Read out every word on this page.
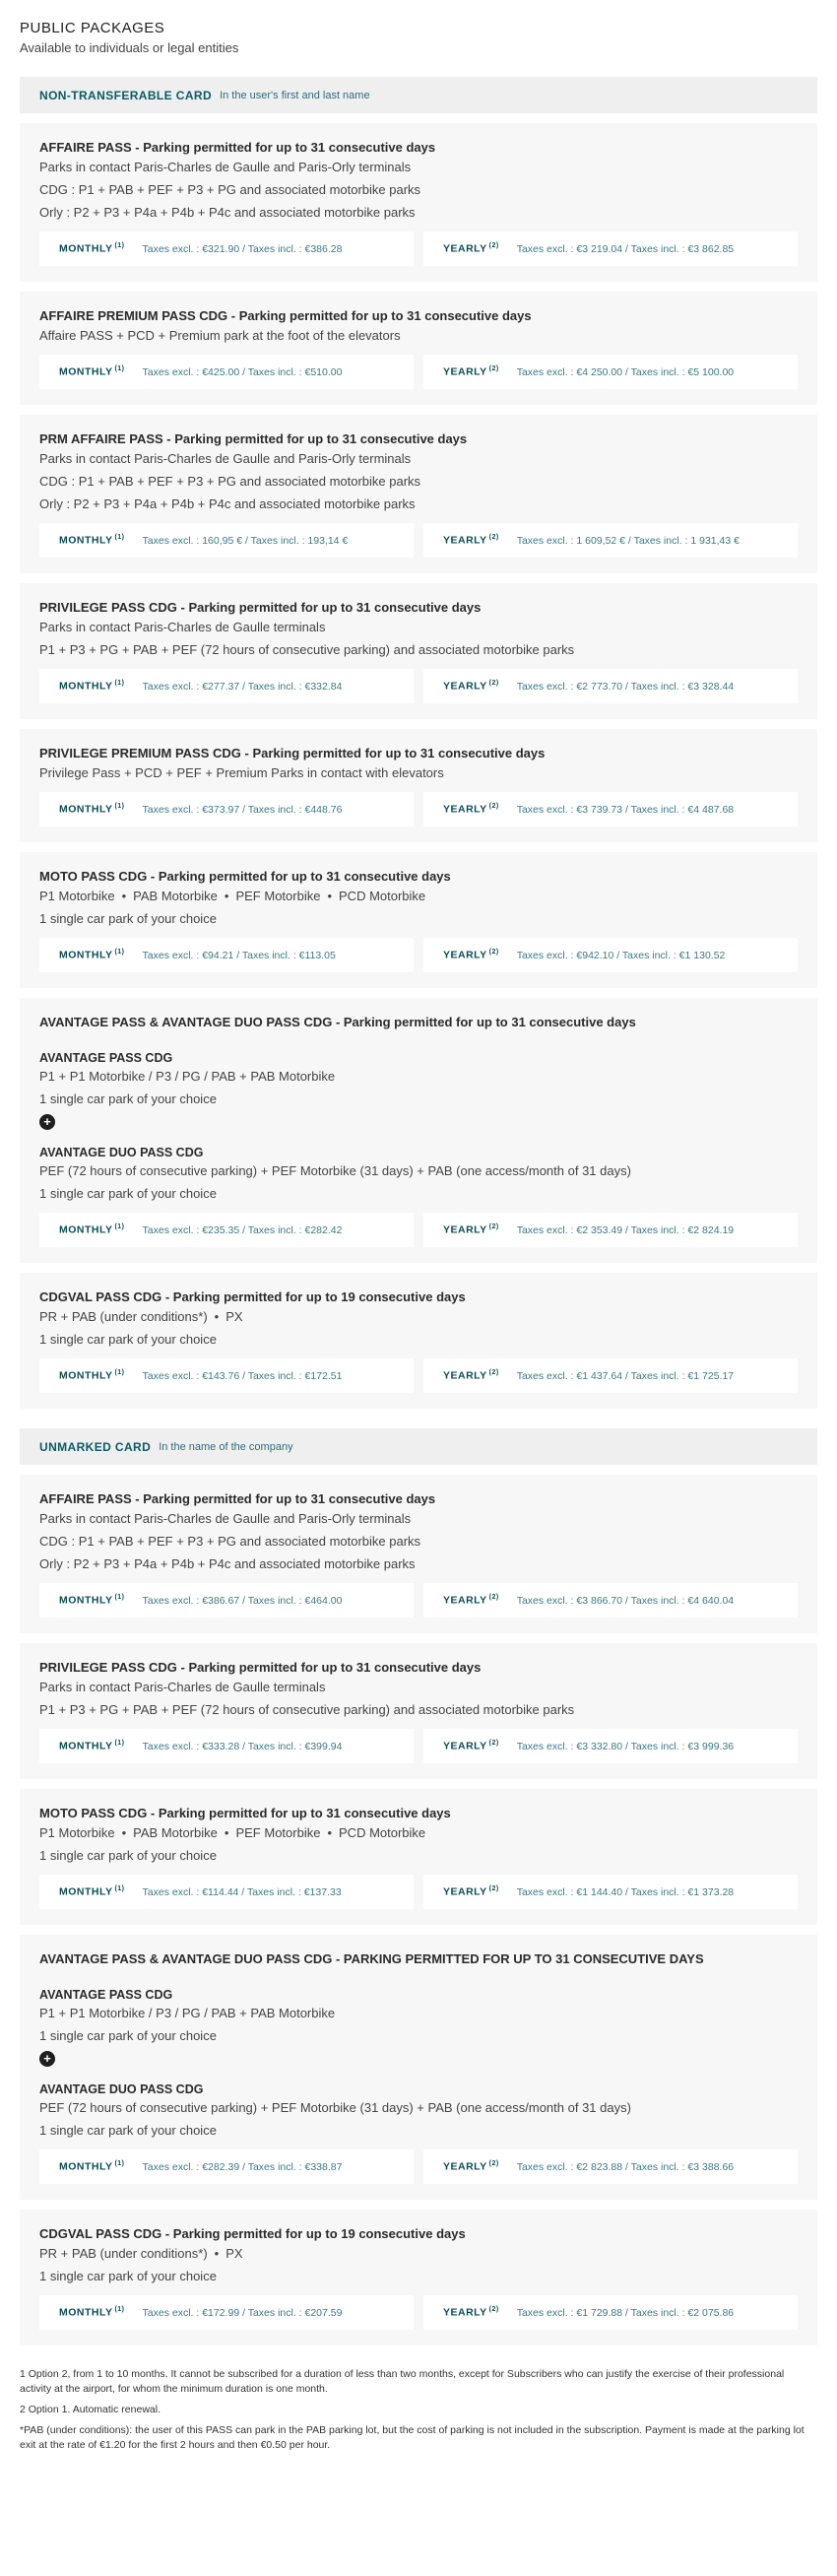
PUBLIC PACKAGES

Available to individuals or legal entities

NON-TRANSFERABLE CARD In the user's first and last name
AFFAIRE PASS - Parking permitted for up to 31 consecutive days
Parks in contact Paris-Charles de Gaulle and Paris-Orly terminals
CDG : P1 + PAB + PEF + P3 + PG and associated motorbike parks
Orly : P2 + P3 + P4a + P4b + P4c and associated motorbike parks
MONTHLY $^{(1)}$ Taxes excl. : €321.90 / Taxes incl. : €386.28	YEARLY $^{(2)}$ Taxes excl. : €3 219.04 / Taxes incl. : €3 862.85
AFFAIRE PREMIUM PASS CDG - Parking permitted for up to 31 consecutive days
Affaire PASS + PCD + Premium park at the foot of the elevators
MONTHLY $^{(1)}$ Taxes excl. : €425.00 / Taxes incl. : €510.00	YEARLY $^{(2)}$ Taxes excl. : €4 250.00 / Taxes incl. : €5 100.00
PRM AFFAIRE PASS - Parking permitted for up to 31 consecutive days
Parks in contact Paris-Charles de Gaulle and Paris-Orly terminals
CDG : P1 + PAB + PEF + P3 + PG and associated motorbike parks
Orly : P2 + P3 + P4a + P4b + P4c and associated motorbike parks
MONTHLY $^{(1)}$ Taxes excl. : 160,95 € / Taxes incl. : 193,14 €	YEARLY $^{(2)}$ Taxes excl. : 1 609,52 € / Taxes incl. : 1 931,43 €
PRIVILEGE PASS CDG - Parking permitted for up to 31 consecutive days
Parks in contact Paris-Charles de Gaulle terminals
P1 + P3 + PG + PAB + PEF (72 hours of consecutive parking) and associated motorbike parks
MONTHLY $^{(1)}$ Taxes excl. : €277.37 / Taxes incl. : €332.84	YEARLY $^{(2)}$ Taxes excl. : €2 773.70 / Taxes incl. : €3 328.44
PRIVILEGE PREMIUM PASS CDG - Parking permitted for up to 31 consecutive days
Privilege Pass + PCD + PEF + Premium Parks in contact with elevators
MONTHLY $^{(1)}$ Taxes excl. : €373.97 / Taxes incl. : €448.76	YEARLY $^{(2)}$ Taxes excl. : €3 739.73 / Taxes incl. : €4 487.68
MOTO PASS CDG - Parking permitted for up to 31 consecutive days
P1 Motorbike	• PAB Motorbike	• PEF Motorbike	• PCD Motorbike
1 single car park of your choice
MONTHLY $^{(1)}$ Taxes excl. : €94.21 / Taxes incl. : €113.05	YEARLY $^{(2)}$ Taxes excl. : €942.10 / Taxes incl. : €1 130.52
AVANTAGE PASS & AVANTAGE DUO PASS CDG - Parking permitted for up to 31 consecutive days
AVANTAGE PASS CDG
P1 + P1 Motorbike / P3 / PG / PAB + PAB Motorbike
1 single car park of your choice
+
AVANTAGE DUO PASS CDG
PEF (72 hours of consecutive parking) + PEF Motorbike (31 days) + PAB (one access/month of 31 days)
1 single car park of your choice
MONTHLY $^{(1)}$ Taxes excl. : €235.35 / Taxes incl. : €282.42	YEARLY $^{(2)}$ Taxes excl. : €2 353.49 / Taxes incl. : €2 824.19
CDGVAL PASS CDG - Parking permitted for up to 19 consecutive days
PR + PAB (under conditions*)	• PX
1 single car park of your choice
MONTHLY $^{(1)}$ Taxes excl. : €143.76 / Taxes incl. : €172.51	YEARLY $^{(2)}$ Taxes excl. : €1 437.64 / Taxes incl. : €1 725.17
UNMARKED CARD In the name of the company
AFFAIRE PASS - Parking permitted for up to 31 consecutive days
Parks in contact Paris-Charles de Gaulle and Paris-Orly terminals
CDG : P1 + PAB + PEF + P3 + PG and associated motorbike parks
Orly : P2 + P3 + P4a + P4b + P4c and associated motorbike parks
MONTHLY $^{(1)}$ Taxes excl. : €386.67 / Taxes incl. : €464.00	YEARLY $^{(2)}$ Taxes excl. : €3 866.70 / Taxes incl. : €4 640.04
PRIVILEGE PASS CDG - Parking permitted for up to 31 consecutive days
Parks in contact Paris-Charles de Gaulle terminals
P1 + P3 + PG + PAB + PEF (72 hours of consecutive parking) and associated motorbike parks
MONTHLY $^{(1)}$ Taxes excl. : €333.28 / Taxes incl. : €399.94	YEARLY $^{(2)}$ Taxes excl. : €3 332.80 / Taxes incl. : €3 999.36
MOTO PASS CDG - Parking permitted for up to 31 consecutive days
P1 Motorbike	• PAB Motorbike	• PEF Motorbike	• PCD Motorbike
1 single car park of your choice
MONTHLY $^{(1)}$ Taxes excl. : €114.44 / Taxes incl. : €137.33	YEARLY $^{(2)}$ Taxes excl. : €1 144.40 / Taxes incl. : €1 373.28
AVANTAGE PASS & AVANTAGE DUO PASS CDG - PARKING PERMITTED FOR UP TO 31 CONSECUTIVE DAYS
AVANTAGE PASS CDG
P1 + P1 Motorbike / P3 / PG / PAB + PAB Motorbike
1 single car park of your choice
+
AVANTAGE DUO PASS CDG
PEF (72 hours of consecutive parking) + PEF Motorbike (31 days) + PAB (one access/month of 31 days)
1 single car park of your choice
MONTHLY $^{(1)}$ Taxes excl. : €282.39 / Taxes incl. : €338.87	YEARLY $^{(2)}$ Taxes excl. : €2 823.88 / Taxes incl. : €3 388.66
CDGVAL PASS CDG - Parking permitted for up to 19 consecutive days
PR + PAB (under conditions*)	• PX
1 single car park of your choice
MONTHLY $^{(1)}$ Taxes excl. : €172.99 / Taxes incl. : €207.59	YEARLY $^{(2)}$ Taxes excl. : €1 729.88 / Taxes incl. : €2 075.86

1 Option 2, from 1 to 10 months. It cannot be subscribed for a duration of less than two months, except for Subscribers who can justify the exercise of their professional activity at the airport, for whom the minimum duration is one month.

2 Option 1. Automatic renewal.

*PAB (under conditions): the user of this PASS can park in the PAB parking lot, but the cost of parking is not included in the subscription. Payment is made at the parking lot exit at the rate of €1.20 for the first 2 hours and then €0.50 per hour.
